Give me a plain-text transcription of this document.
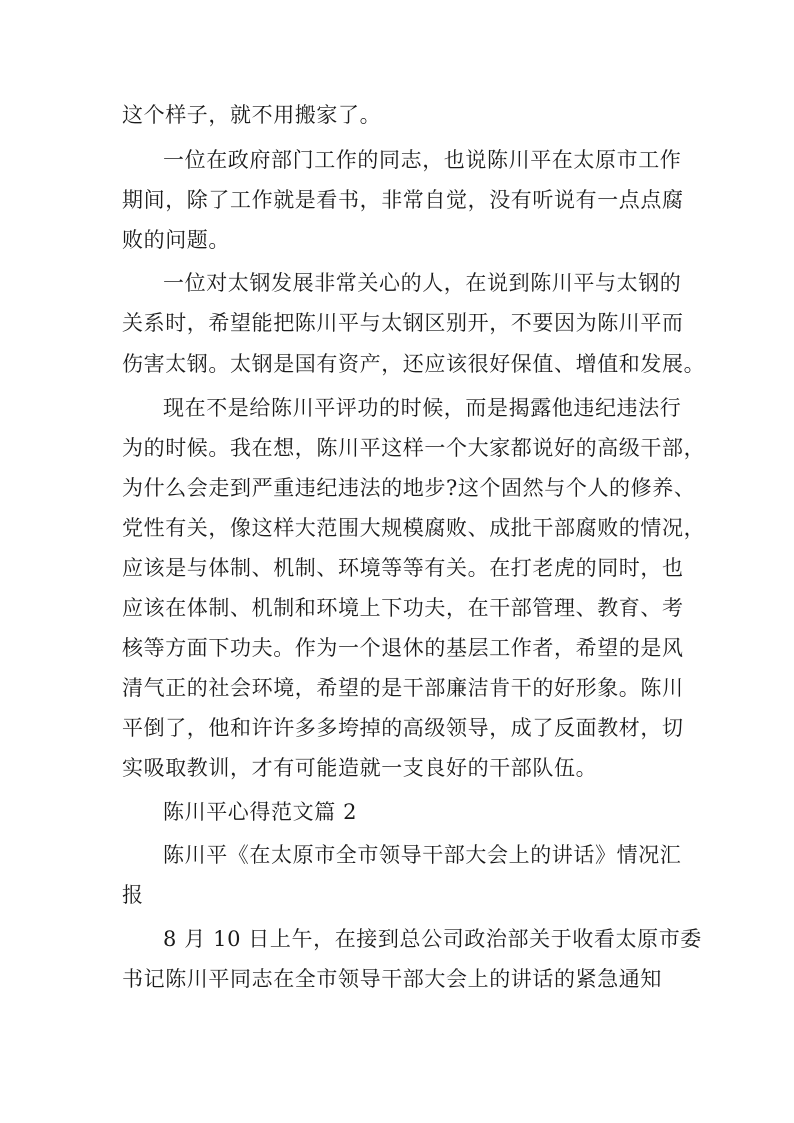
这个样子，就不用搬家了。
一位在政府部门工作的同志，也说陈川平在太原市工作
期间，除了工作就是看书，非常自觉，没有听说有一点点腐
败的问题。
一位对太钢发展非常关心的人，在说到陈川平与太钢的
关系时，希望能把陈川平与太钢区别开，不要因为陈川平而
伤害太钢。太钢是国有资产，还应该很好保值、增值和发展。
现在不是给陈川平评功的时候，而是揭露他违纪违法行
为的时候。我在想，陈川平这样一个大家都说好的高级干部，
为什么会走到严重违纪违法的地步?这个固然与个人的修养、
党性有关，像这样大范围大规模腐败、成批干部腐败的情况，
应该是与体制、机制、环境等等有关。在打老虎的同时，也
应该在体制、机制和环境上下功夫，在干部管理、教育、考
核等方面下功夫。作为一个退休的基层工作者，希望的是风
清气正的社会环境，希望的是干部廉洁肯干的好形象。陈川
平倒了，他和许许多多垮掉的高级领导，成了反面教材，切
实吸取教训，才有可能造就一支良好的干部队伍。
陈川平心得范文篇 2
陈川平《在太原市全市领导干部大会上的讲话》情况汇
报
8 月 10 日上午，在接到总公司政治部关于收看太原市委
书记陈川平同志在全市领导干部大会上的讲话的紧急通知
